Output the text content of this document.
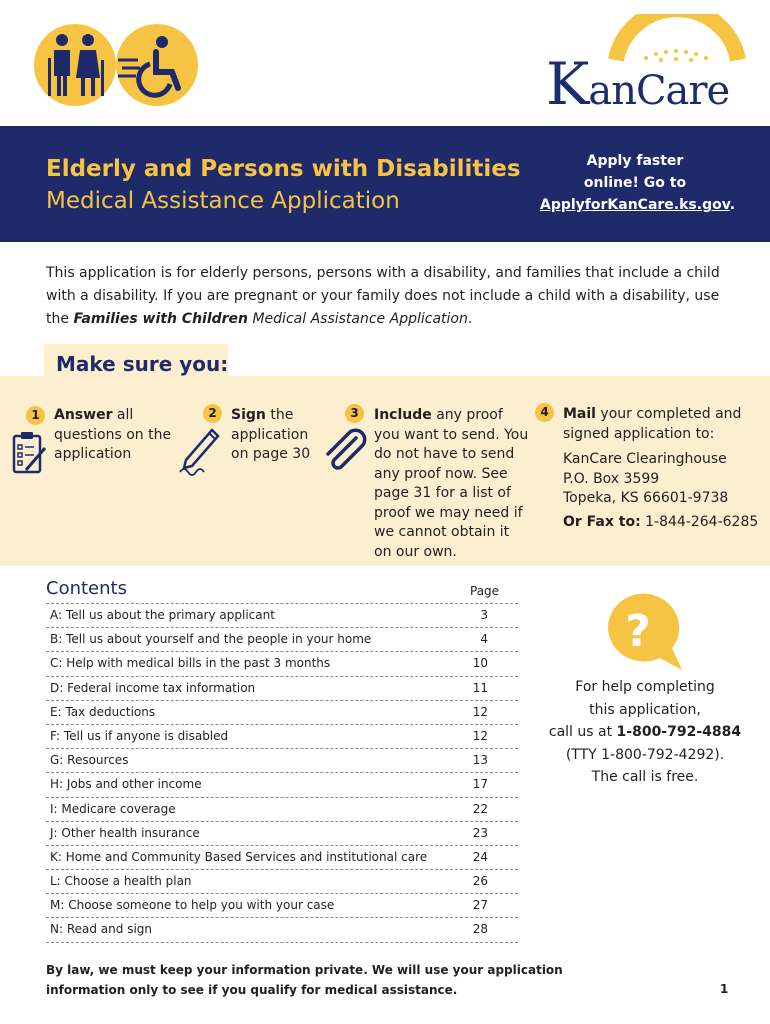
KanCare
Elderly and Persons with Disabilities
Medical Assistance Application
Apply faster
online! Go to
ApplyforKanCare.ks.gov.
This application is for elderly persons, persons with a disability, and families that include a child with a disability. If you are pregnant or your family does not include a child with a disability, use the Families with Children Medical Assistance Application.
1	Answer all questions on the application
2	Sign the application on page 30
3	Include any proof you want to send. You do not have to send any proof now. See page 31 for a list of proof we may need if we cannot obtain it on our own.
4	Mail your completed and signed application to:
KanCare Clearinghouse
P.O. Box 3599
Topeka, KS 66601-9738
Or Fax to: 1-844-264-6285
Make sure you:
Contents	Page
A: Tell us about the primary applicant	3
B: Tell us about yourself and the people in your home	4
C: Help with medical bills in the past 3 months	10
D: Federal income tax information	11
E: Tax deductions	12
F: Tell us if anyone is disabled	12
G: Resources	13
H: Jobs and other income	17
I: Medicare coverage	22
J: Other health insurance	23
K: Home and Community Based Services and institutional care	24
L: Choose a health plan	26
M: Choose someone to help you with your case	27
N: Read and sign	28
?
For help completing
this application,
call us at 1-800-792-4884
(TTY 1-800-792-4292).
The call is free.
By law, we must keep your information private. We will use your application information only to see if you qualify for medical assistance.	1
